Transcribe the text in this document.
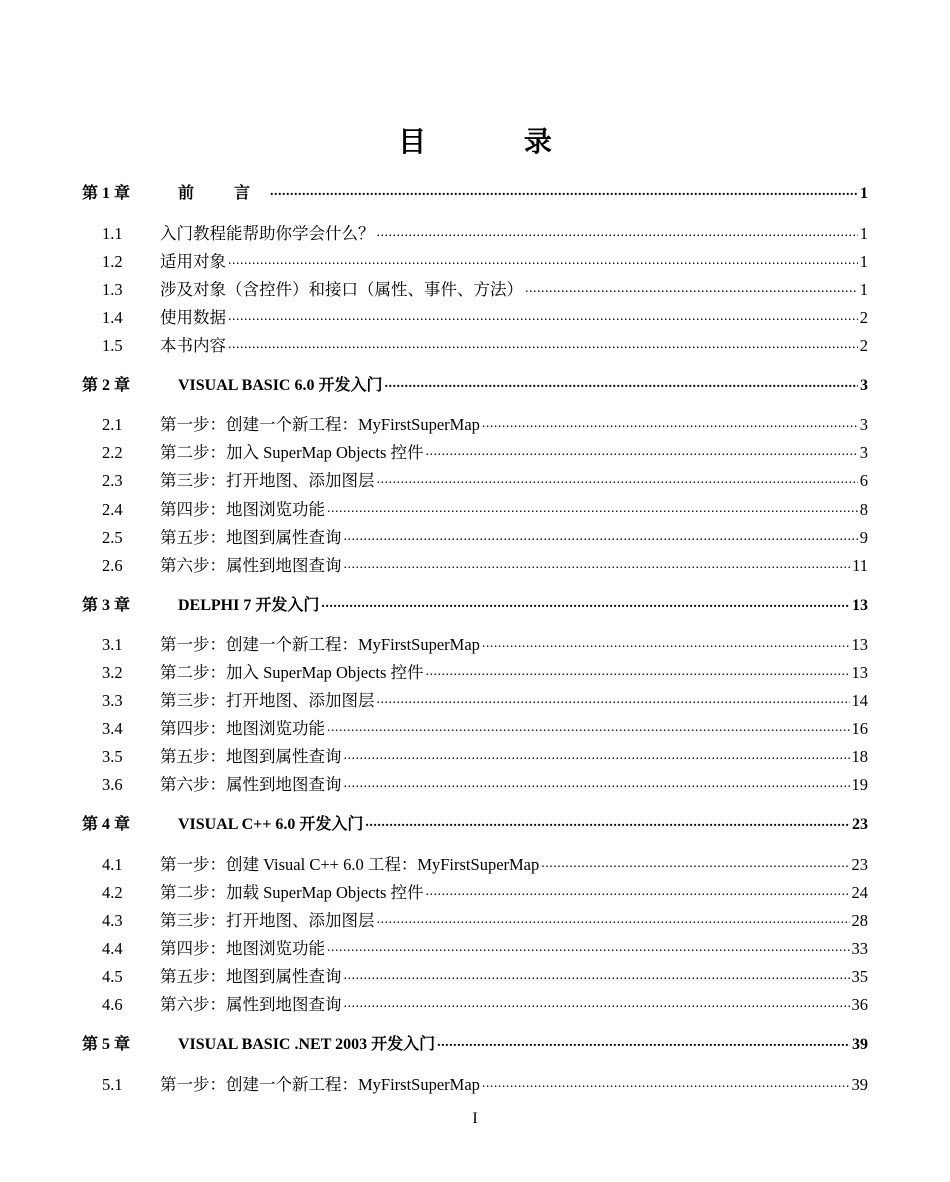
目 录
第 1 章	前 言 .....	1
1.1	入门教程能帮助你学会什么？ .....	1
1.2	适用对象 .....	1
1.3	涉及对象（含控件）和接口（属性、事件、方法） .....	1
1.4	使用数据 .....	2
1.5	本书内容 .....	2
第 2 章	VISUAL BASIC 6.0 开发入门 .....	3
2.1	第一步：创建一个新工程：MyFirstSuperMap .....	3
2.2	第二步：加入 SuperMap Objects 控件 .....	3
2.3	第三步：打开地图、添加图层 .....	6
2.4	第四步：地图浏览功能 .....	8
2.5	第五步：地图到属性查询 .....	9
2.6	第六步：属性到地图查询 .....	11
第 3 章	DELPHI 7 开发入门 .....	13
3.1	第一步：创建一个新工程：MyFirstSuperMap .....	13
3.2	第二步：加入 SuperMap Objects 控件 .....	13
3.3	第三步：打开地图、添加图层 .....	14
3.4	第四步：地图浏览功能 .....	16
3.5	第五步：地图到属性查询 .....	18
3.6	第六步：属性到地图查询 .....	19
第 4 章	VISUAL C++ 6.0 开发入门 .....	23
4.1	第一步：创建 Visual C++ 6.0 工程：MyFirstSuperMap .....	23
4.2	第二步：加载 SuperMap Objects 控件 .....	24
4.3	第三步：打开地图、添加图层 .....	28
4.4	第四步：地图浏览功能 .....	33
4.5	第五步：地图到属性查询 .....	35
4.6	第六步：属性到地图查询 .....	36
第 5 章	VISUAL BASIC .NET 2003 开发入门 .....	39
5.1	第一步：创建一个新工程：MyFirstSuperMap .....	39
I
